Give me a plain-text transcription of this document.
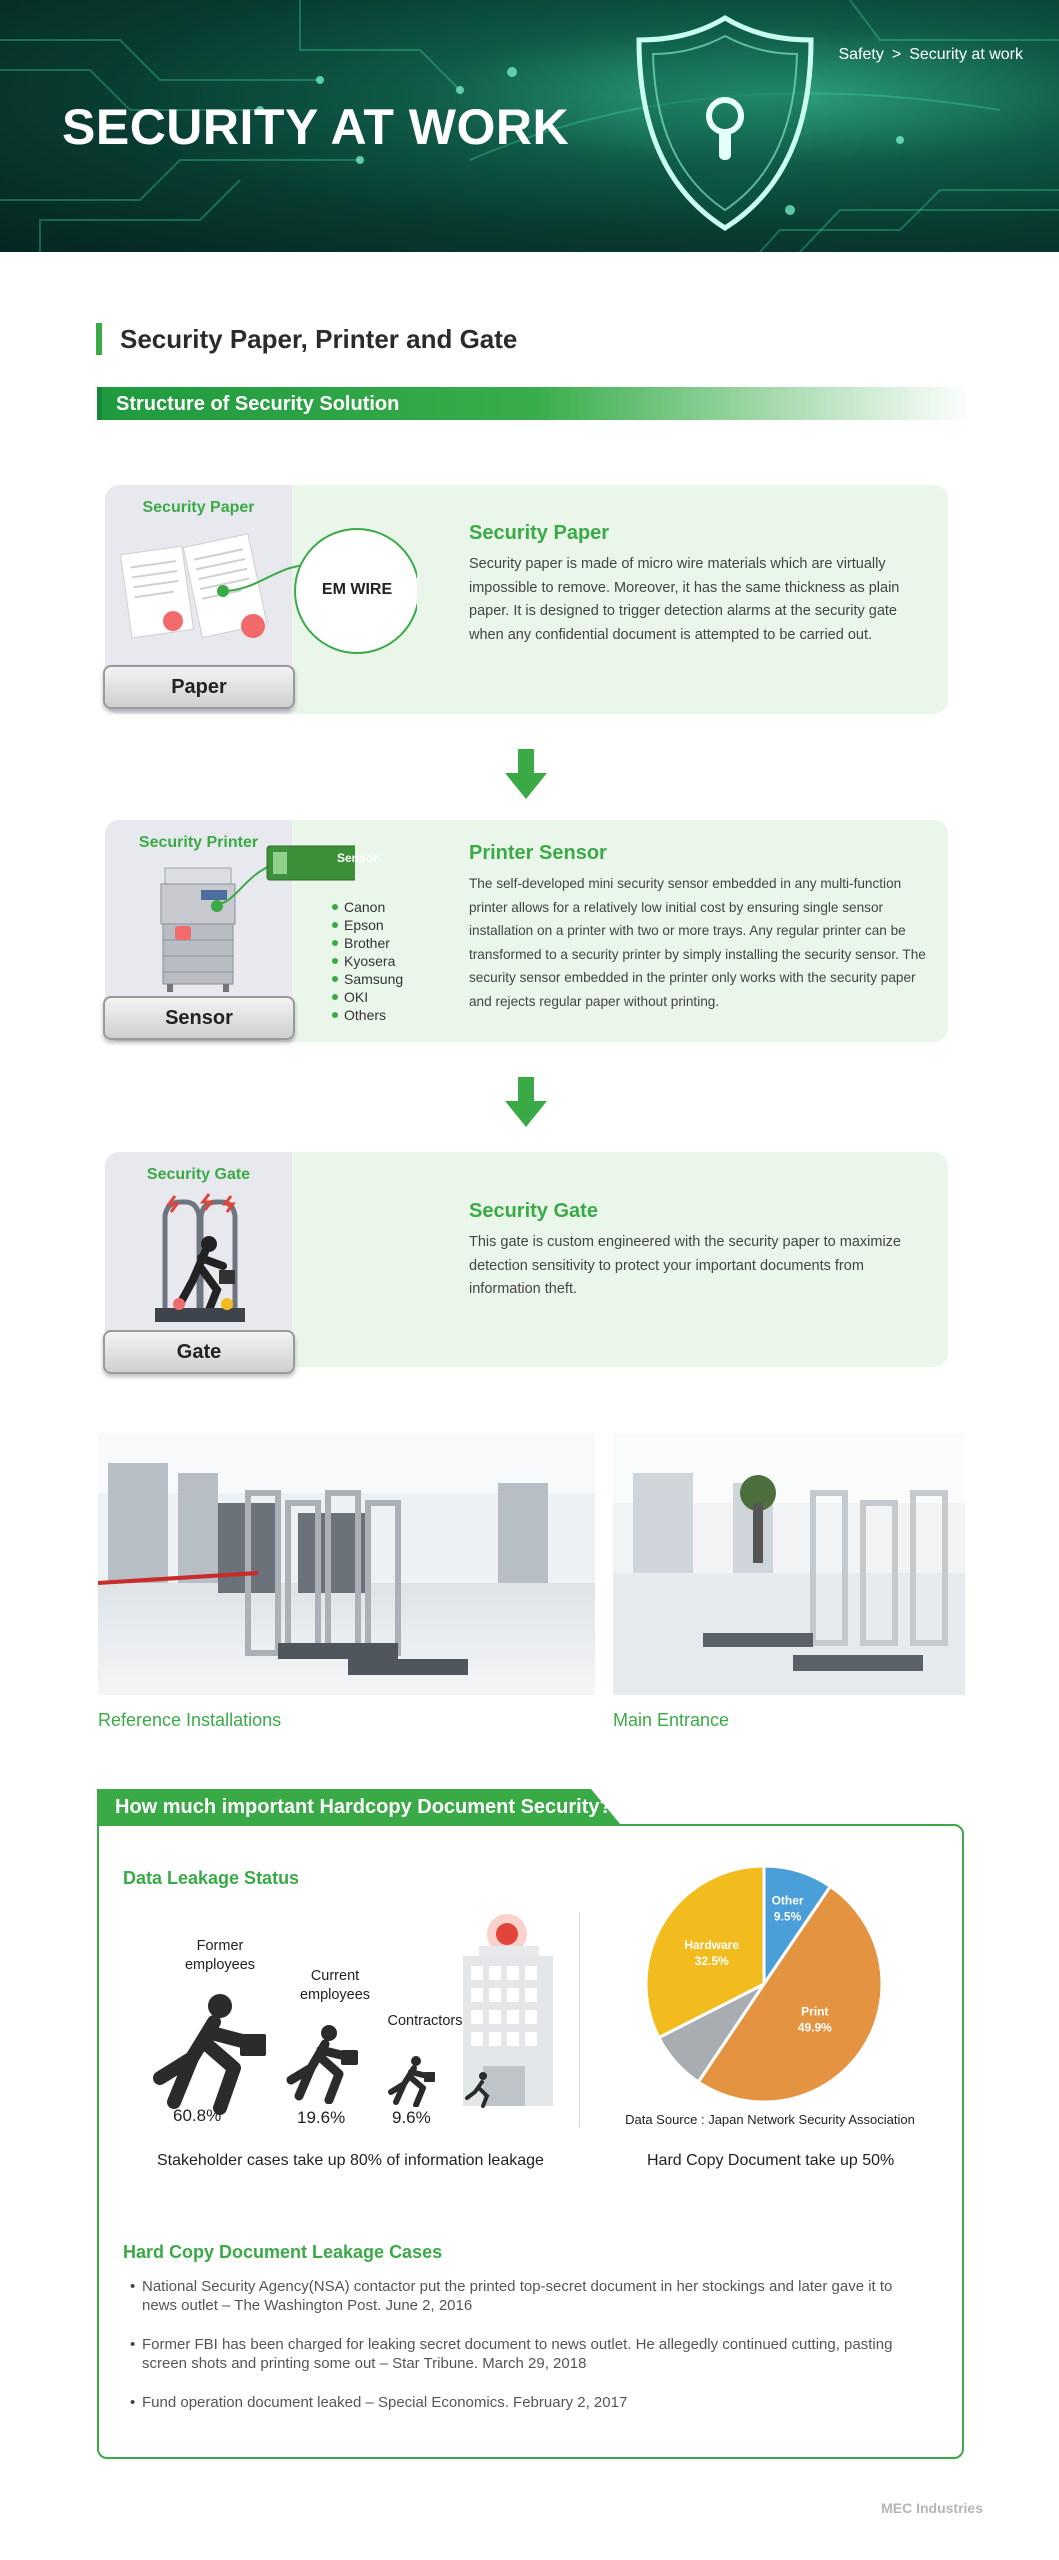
SECURITY AT WORK
Safety > Security at work
Security Paper, Printer and Gate
Structure of Security Solution
Security Paper
EM WIRE
Paper
Security Paper

Security paper is made of micro wire materials which are virtually impossible to remove. Moreover, it has the same thickness as plain paper. It is designed to trigger detection alarms at the security gate when any confidential document is attempted to be carried out.

Security Printer
Sensor
Sensor
Printer Sensor

The self-developed mini security sensor embedded in any multi-function printer allows for a relatively low initial cost by ensuring single sensor installation on a printer with two or more trays. Any regular printer can be transformed to a security printer by simply installing the security sensor. The security sensor embedded in the printer only works with the security paper and rejects regular paper without printing.

Canon
Epson
Brother
Kyosera
Samsung
OKI
Others
Security Gate
Gate
Security Gate

This gate is custom engineered with the security paper to maximize detection sensitivity to protect your important documents from information theft.

Reference Installations	Main Entrance
How much important Hardcopy Document Security?
Data Leakage Status
Former employees
Current employees
Contractors
60.8%	19.6%	9.6%
Other
9.5%
Print
49.9%
Hardware
32.5%
Data Source : Japan Network Security Association
Stakeholder cases take up 80% of information leakage	Hard Copy Document take up 50%
Hard Copy Document Leakage Cases
• National Security Agency(NSA) contactor put the printed top-secret document in her stockings and later gave it to news outlet – The Washington Post. June 2, 2016
• Former FBI has been charged for leaking secret document to news outlet. He allegedly continued cutting, pasting screen shots and printing some out – Star Tribune. March 29, 2018
• Fund operation document leaked – Special Economics. February 2, 2017
MEC Industries
